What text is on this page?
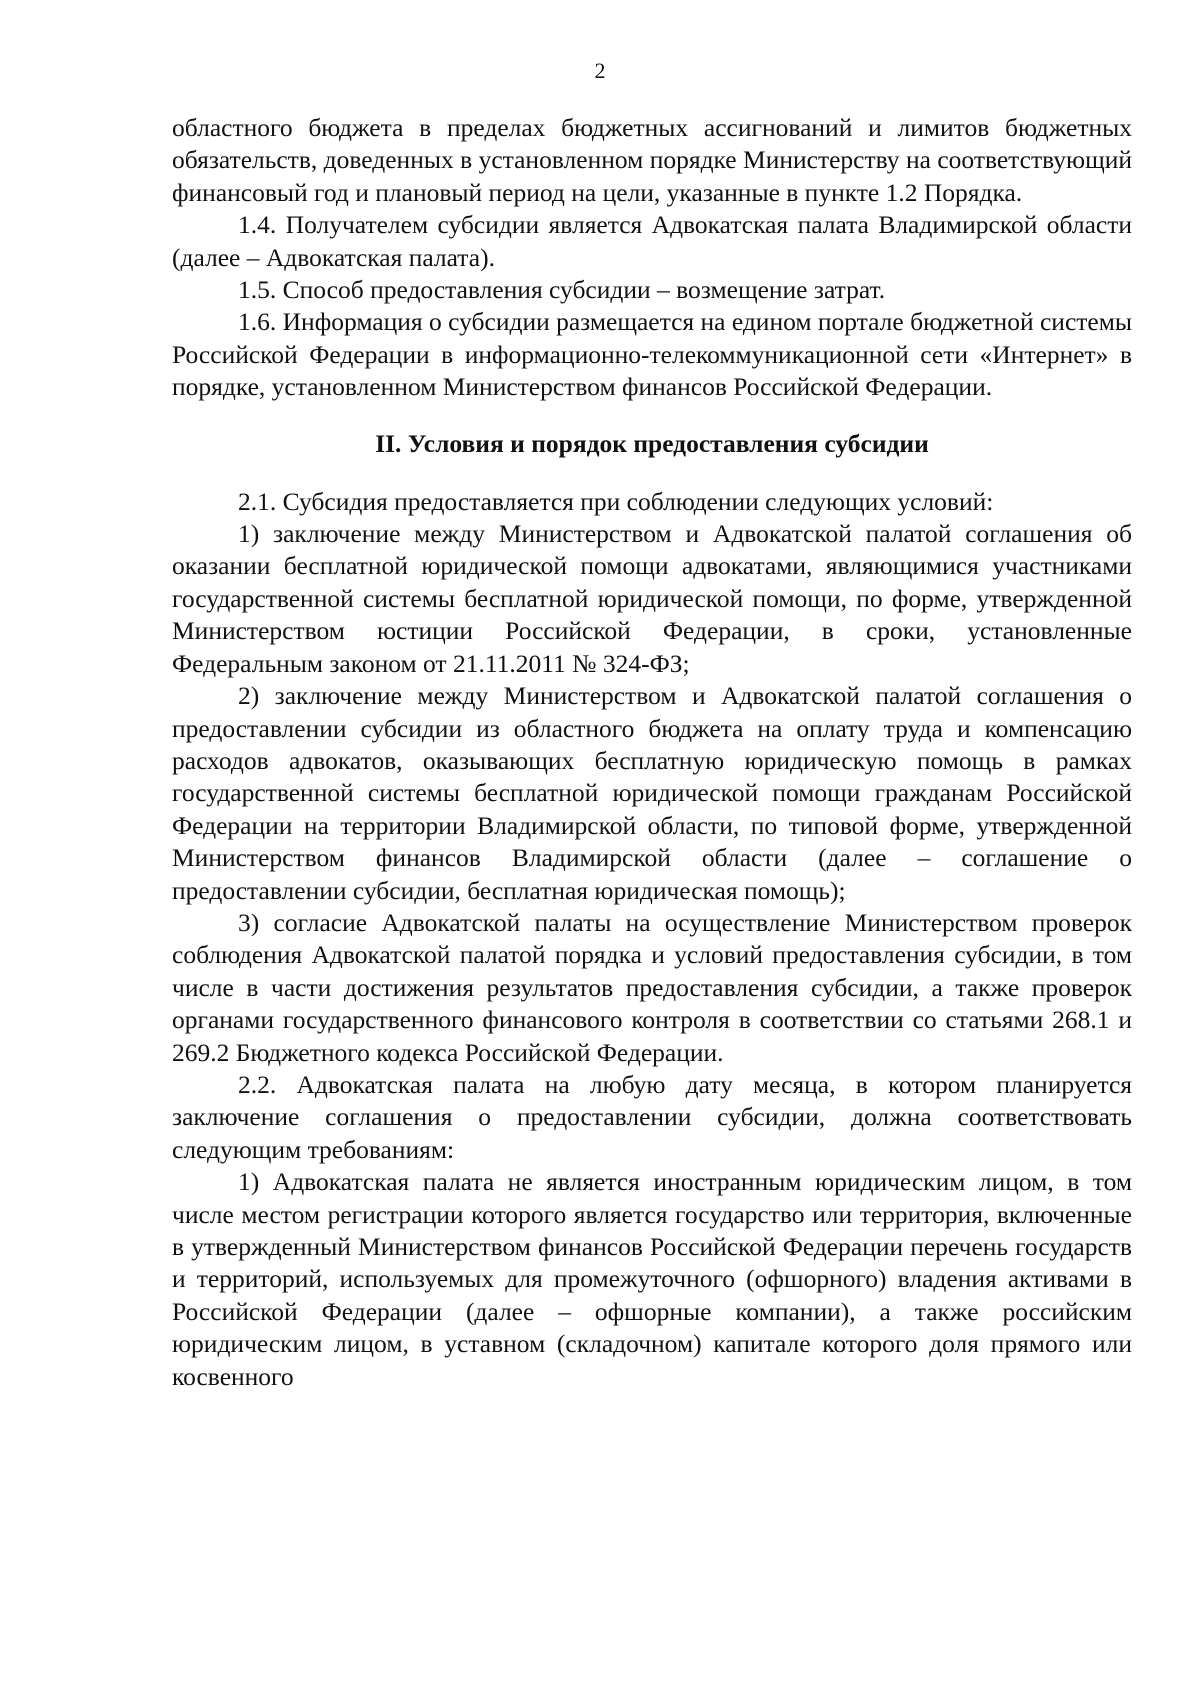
2

областного бюджета в пределах бюджетных ассигнований и лимитов бюджетных обязательств, доведенных в установленном порядке Министерству на соответствующий финансовый год и плановый период на цели, указанные в пункте 1.2 Порядка.

1.4. Получателем субсидии является Адвокатская палата Владимирской области (далее – Адвокатская палата).

1.5. Способ предоставления субсидии – возмещение затрат.

1.6. Информация о субсидии размещается на едином портале бюджетной системы Российской Федерации в информационно-телекоммуникационной сети «Интернет» в порядке, установленном Министерством финансов Российской Федерации.

II. Условия и порядок предоставления субсидии

2.1. Субсидия предоставляется при соблюдении следующих условий:

1) заключение между Министерством и Адвокатской палатой соглашения об оказании бесплатной юридической помощи адвокатами, являющимися участниками государственной системы бесплатной юридической помощи, по форме, утвержденной Министерством юстиции Российской Федерации, в сроки, установленные Федеральным законом от 21.11.2011 № 324-ФЗ;

2) заключение между Министерством и Адвокатской палатой соглашения о предоставлении субсидии из областного бюджета на оплату труда и компенсацию расходов адвокатов, оказывающих бесплатную юридическую помощь в рамках государственной системы бесплатной юридической помощи гражданам Российской Федерации на территории Владимирской области, по типовой форме, утвержденной Министерством финансов Владимирской области (далее – соглашение о предоставлении субсидии, бесплатная юридическая помощь);

3) согласие Адвокатской палаты на осуществление Министерством проверок соблюдения Адвокатской палатой порядка и условий предоставления субсидии, в том числе в части достижения результатов предоставления субсидии, а также проверок органами государственного финансового контроля в соответствии со статьями 268.1 и 269.2 Бюджетного кодекса Российской Федерации.

2.2. Адвокатская палата на любую дату месяца, в котором планируется заключение соглашения о предоставлении субсидии, должна соответствовать следующим требованиям:

1) Адвокатская палата не является иностранным юридическим лицом, в том числе местом регистрации которого является государство или территория, включенные в утвержденный Министерством финансов Российской Федерации перечень государств и территорий, используемых для промежуточного (офшорного) владения активами в Российской Федерации (далее – офшорные компании), а также российским юридическим лицом, в уставном (складочном) капитале которого доля прямого или косвенного
